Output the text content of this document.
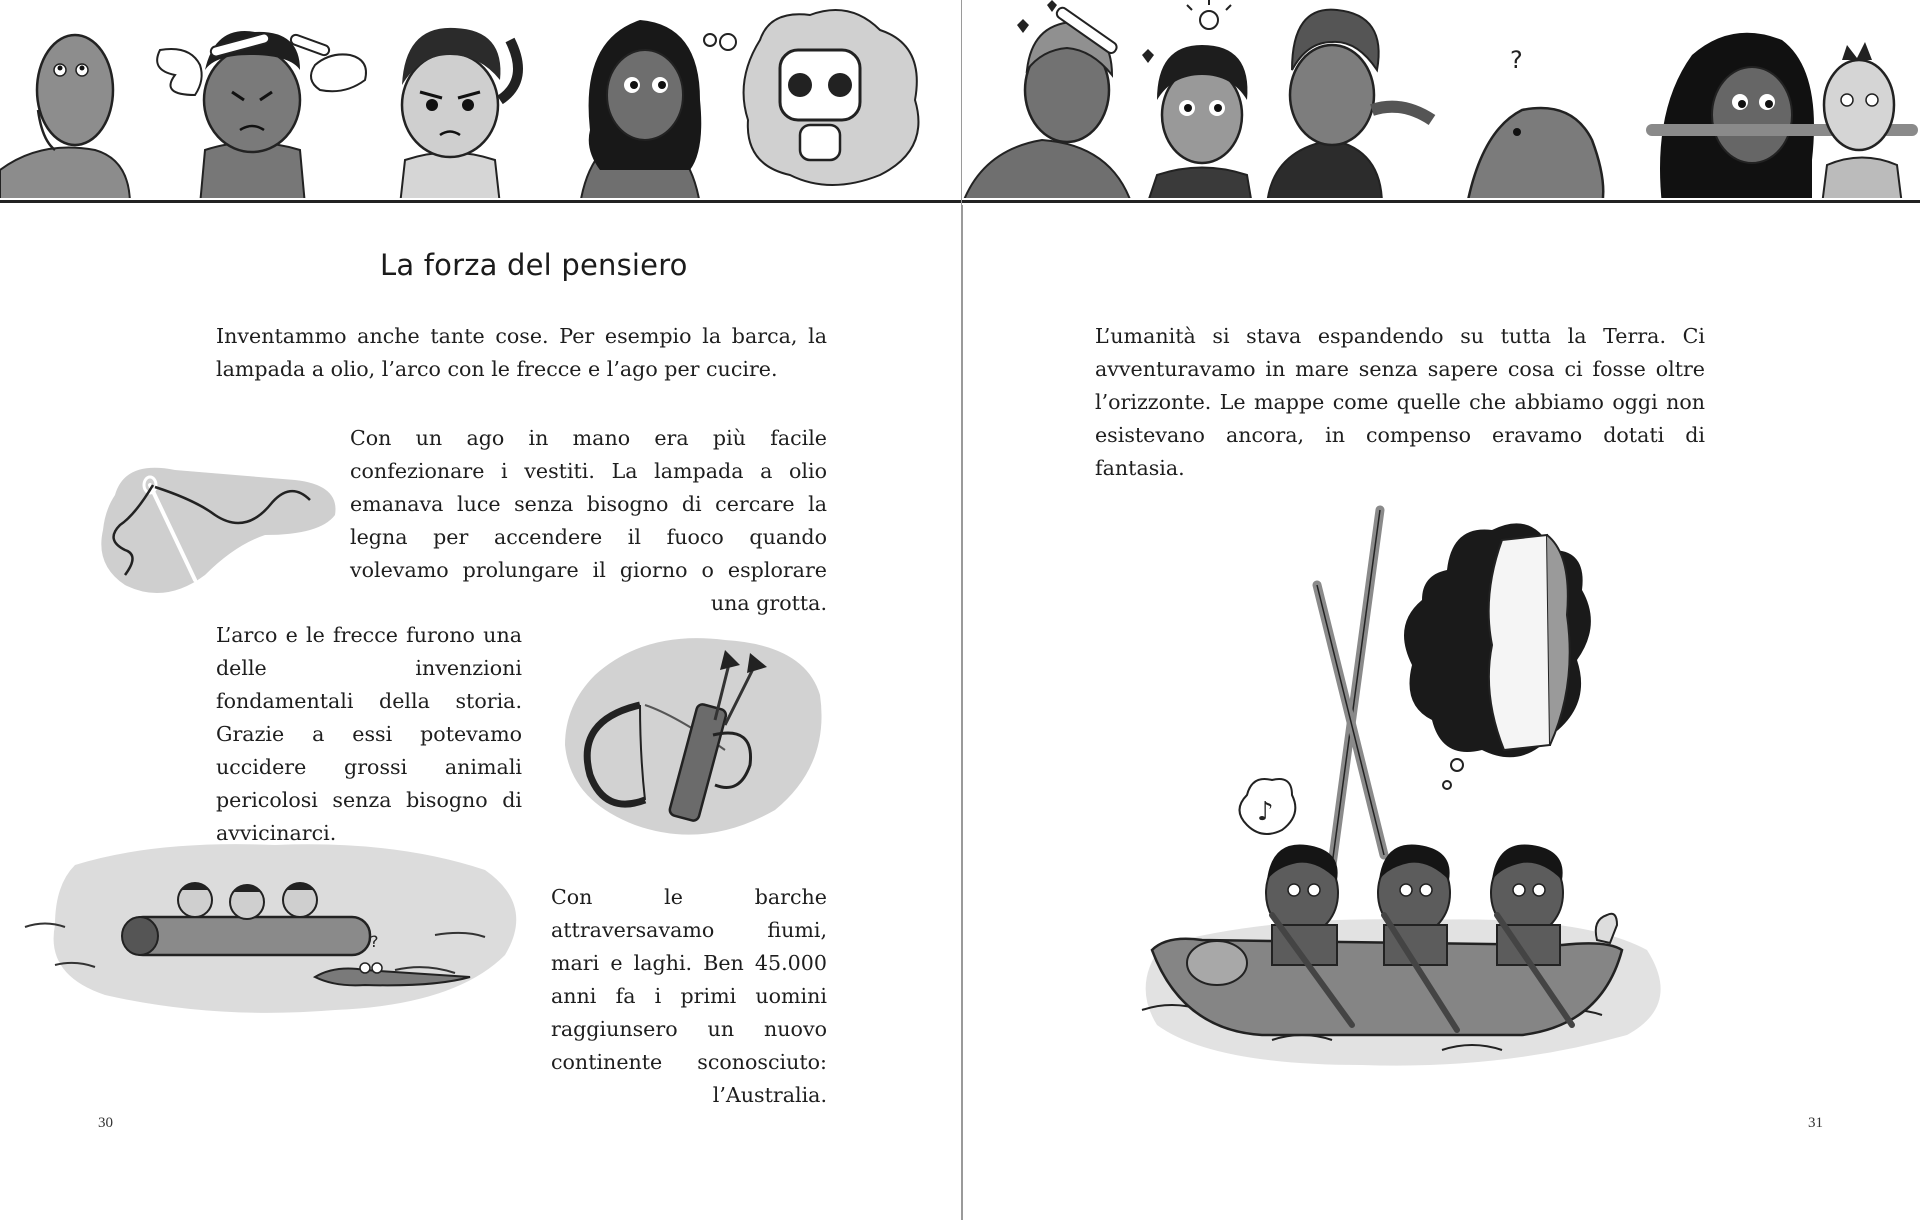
La forza del pensiero

Inventammo anche tante cose. Per esempio la barca, la lampada a olio, l’arco con le frecce e l’ago per cucire.

Con un ago in mano era più facile confezionare i vestiti. La lampada a olio emanava luce senza bisogno di cercare la legna per accendere il fuoco quando volevamo prolungare il giorno o esplorare una grotta.

L’arco e le frecce furono una delle invenzioni fondamentali della storia. Grazie a essi potevamo uccidere grossi animali pericolosi senza bisogno di avvicinarci.

?

Con le barche attraversavamo fiumi, mari e laghi. Ben 45.000 anni fa i primi uomini raggiunsero un nuovo continente sconosciuto: l’Australia.

30
?

L’umanità si stava espandendo su tutta la Terra. Ci avventuravamo in mare senza sapere cosa ci fosse oltre l’orizzonte. Le mappe come quelle che abbiamo oggi non esistevano ancora, in compenso eravamo dotati di fantasia.

♪
31
